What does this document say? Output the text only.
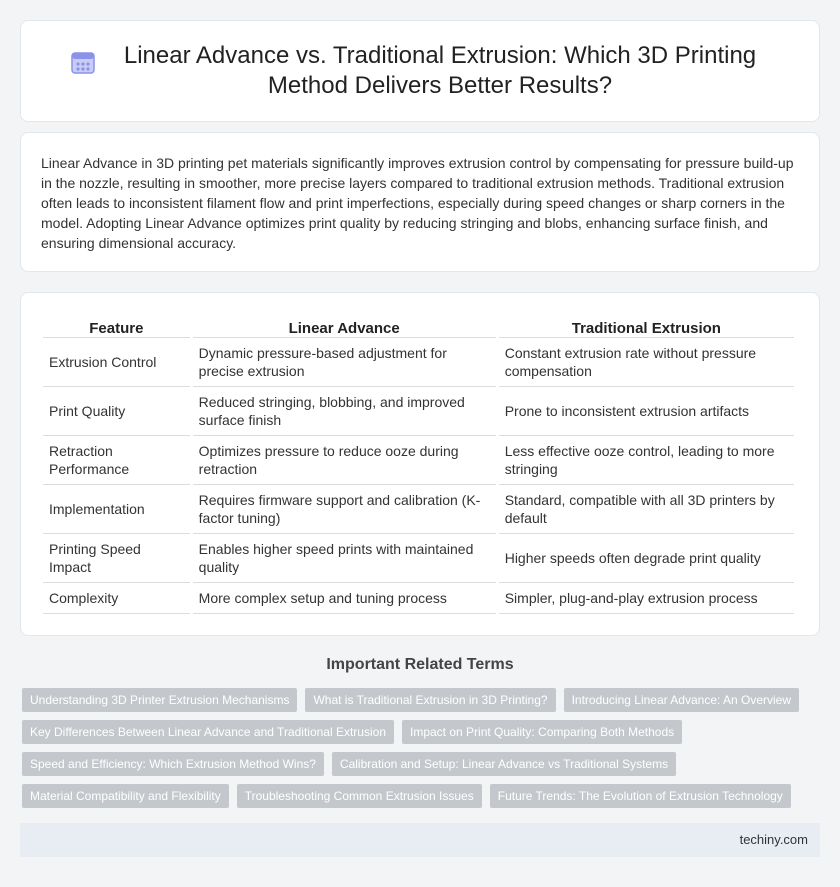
Linear Advance vs. Traditional Extrusion: Which 3D Printing Method Delivers Better Results?

Linear Advance in 3D printing pet materials significantly improves extrusion control by compensating for pressure build-up in the nozzle, resulting in smoother, more precise layers compared to traditional extrusion methods. Traditional extrusion often leads to inconsistent filament flow and print imperfections, especially during speed changes or sharp corners in the model. Adopting Linear Advance optimizes print quality by reducing stringing and blobs, enhancing surface finish, and ensuring dimensional accuracy.

Feature	Linear Advance	Traditional Extrusion
Extrusion Control	Dynamic pressure-based adjustment for precise extrusion	Constant extrusion rate without pressure compensation
Print Quality	Reduced stringing, blobbing, and improved surface finish	Prone to inconsistent extrusion artifacts
Retraction Performance	Optimizes pressure to reduce ooze during retraction	Less effective ooze control, leading to more stringing
Implementation	Requires firmware support and calibration (K-factor tuning)	Standard, compatible with all 3D printers by default
Printing Speed Impact	Enables higher speed prints with maintained quality	Higher speeds often degrade print quality
Complexity	More complex setup and tuning process	Simpler, plug-and-play extrusion process
Important Related Terms
Understanding 3D Printer Extrusion Mechanisms	What is Traditional Extrusion in 3D Printing?	Introducing Linear Advance: An Overview
Key Differences Between Linear Advance and Traditional Extrusion	Impact on Print Quality: Comparing Both Methods
Speed and Efficiency: Which Extrusion Method Wins?	Calibration and Setup: Linear Advance vs Traditional Systems
Material Compatibility and Flexibility	Troubleshooting Common Extrusion Issues	Future Trends: The Evolution of Extrusion Technology
techiny.com
